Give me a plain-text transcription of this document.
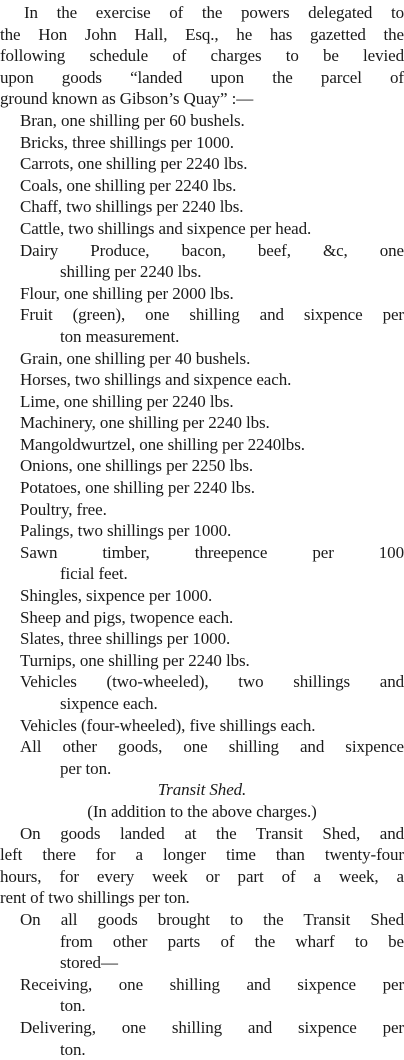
In the exercise of the powers delegated to
the Hon John Hall, Esq., he has gazetted the
following schedule of charges to be levied
upon goods “landed upon the parcel of
ground known as Gibson’s Quay” :—
Bran, one shilling per 60 bushels.
Bricks, three shillings per 1000.
Carrots, one shilling per 2240 lbs.
Coals, one shilling per 2240 lbs.
Chaff, two shillings per 2240 lbs.
Cattle, two shillings and sixpence per head.
Dairy Produce, bacon, beef, &c, one
shilling per 2240 lbs.
Flour, one shilling per 2000 lbs.
Fruit (green), one shilling and sixpence per
ton measurement.
Grain, one shilling per 40 bushels.
Horses, two shillings and sixpence each.
Lime, one shilling per 2240 lbs.
Machinery, one shilling per 2240 lbs.
Mangoldwurtzel, one shilling per 2240lbs.
Onions, one shillings per 2250 lbs.
Potatoes, one shilling per 2240 lbs.
Poultry, free.
Palings, two shillings per 1000.
Sawn timber, threepence per 100
ficial feet.
Shingles, sixpence per 1000.
Sheep and pigs, twopence each.
Slates, three shillings per 1000.
Turnips, one shilling per 2240 lbs.
Vehicles (two-wheeled), two shillings and
sixpence each.
Vehicles (four-wheeled), five shillings each.
All other goods, one shilling and sixpence
per ton.
Transit Shed.
(In addition to the above charges.)
On goods landed at the Transit Shed, and
left there for a longer time than twenty-four
hours, for every week or part of a week, a
rent of two shillings per ton.
On all goods brought to the Transit Shed
from other parts of the wharf to be
stored—
Receiving, one shilling and sixpence per
ton.
Delivering, one shilling and sixpence per
ton.
